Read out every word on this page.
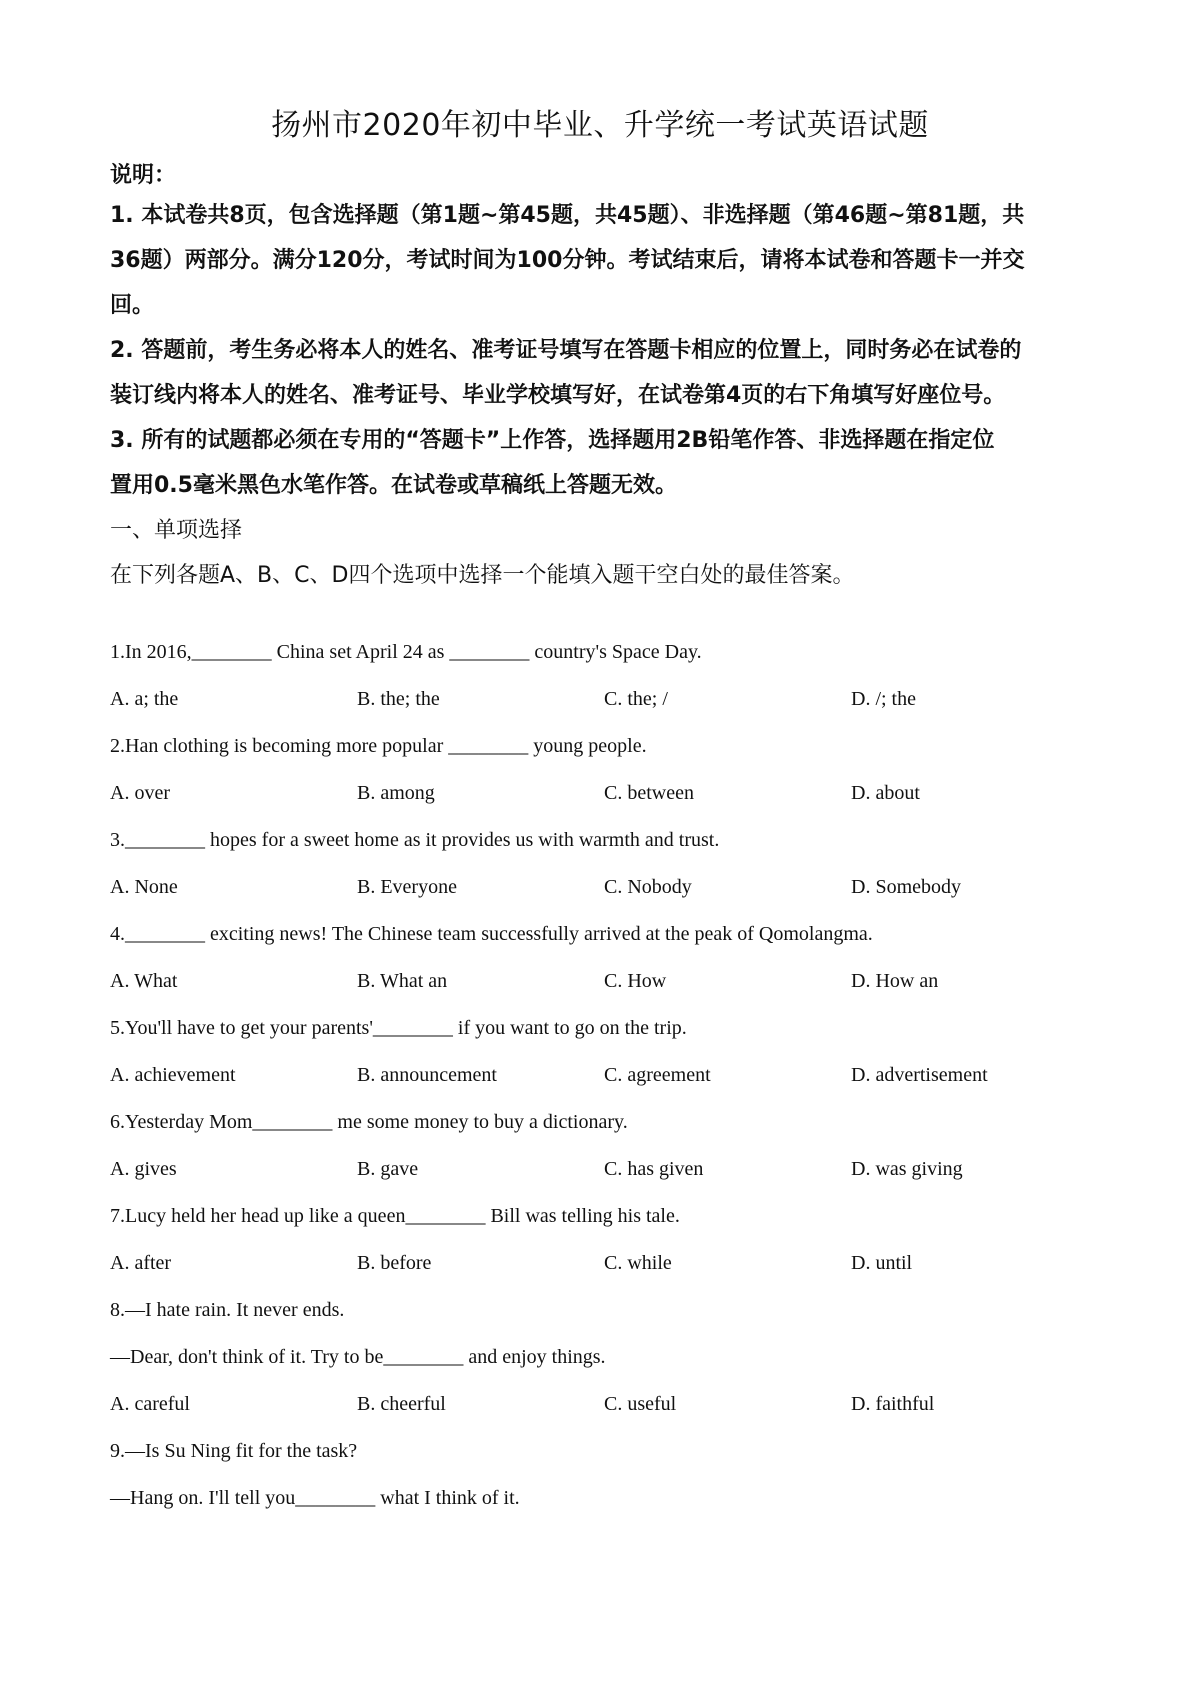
扬州市2020年初中毕业、升学统一考试英语试题
说明：
1. 本试卷共8页，包含选择题（第1题~第45题，共45题）、非选择题（第46题~第81题，共
36题）两部分。满分120分，考试时间为100分钟。考试结束后，请将本试卷和答题卡一并交
回。
2. 答题前，考生务必将本人的姓名、准考证号填写在答题卡相应的位置上，同时务必在试卷的
装订线内将本人的姓名、准考证号、毕业学校填写好，在试卷第4页的右下角填写好座位号。
3. 所有的试题都必须在专用的“答题卡”上作答，选择题用2B铅笔作答、非选择题在指定位
置用0.5毫米黑色水笔作答。在试卷或草稿纸上答题无效。
一、单项选择
在下列各题A、B、C、D四个选项中选择一个能填入题干空白处的最佳答案。
1.In 2016,________ China set April 24 as ________ country's Space Day.
A. a; the	B. the; the	C. the; /	D. /; the
2.Han clothing is becoming more popular ________ young people.
A. over	B. among	C. between	D. about
3.________ hopes for a sweet home as it provides us with warmth and trust.
A. None	B. Everyone	C. Nobody	D. Somebody
4.________ exciting news! The Chinese team successfully arrived at the peak of Qomolangma.
A. What	B. What an	C. How	D. How an
5.You'll have to get your parents'________ if you want to go on the trip.
A. achievement	B. announcement	C. agreement	D. advertisement
6.Yesterday Mom________ me some money to buy a dictionary.
A. gives	B. gave	C. has given	D. was giving
7.Lucy held her head up like a queen________ Bill was telling his tale.
A. after	B. before	C. while	D. until
8.—I hate rain. It never ends.
—Dear, don't think of it. Try to be________ and enjoy things.
A. careful	B. cheerful	C. useful	D. faithful
9.—Is Su Ning fit for the task?
—Hang on. I'll tell you________ what I think of it.
